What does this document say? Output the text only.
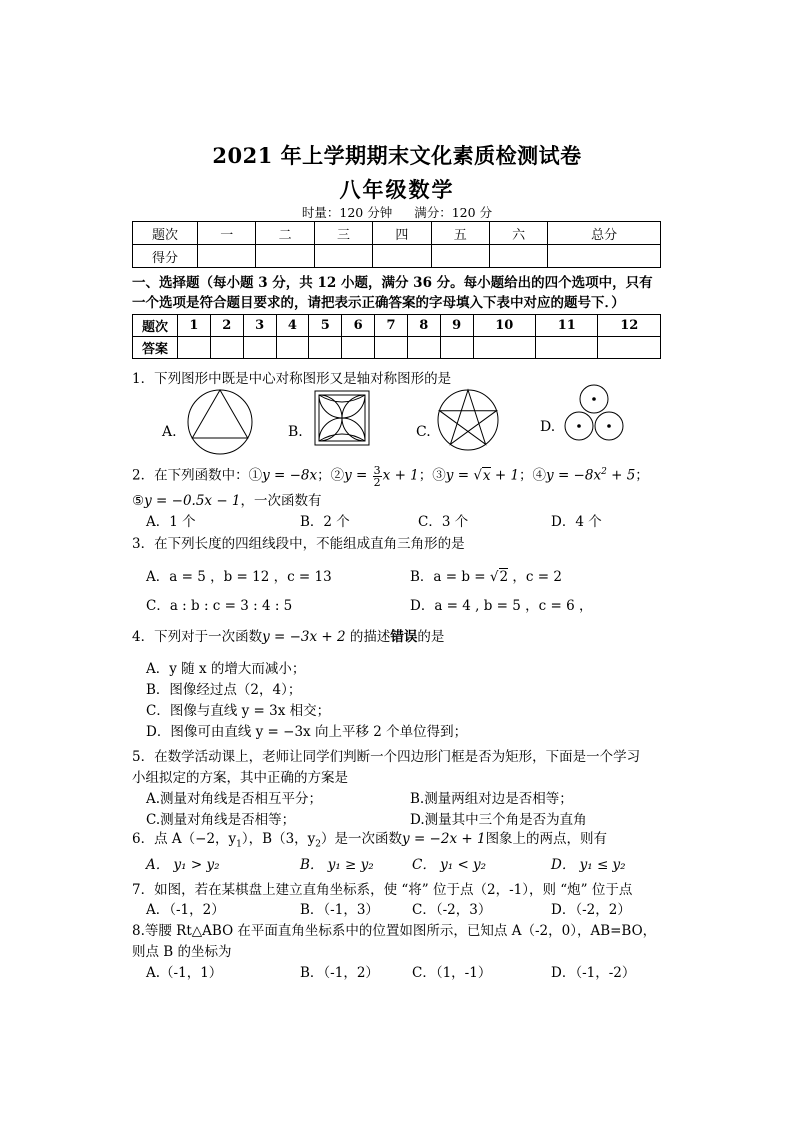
2021 年上学期期末文化素质检测试卷
八年级数学
时量：120 分钟 满分：120 分
题次	一	二	三	四	五	六	总分
得分							
一、选择题（每小题 3 分，共 12 小题，满分 36 分。每小题给出的四个选项中，只有一个选项是符合题目要求的，请把表示正确答案的字母填入下表中对应的题号下．）
题次	1	2	3	4	5	6	7	8	9	10	11	12
答案												
1．下列图形中既是中心对称图形又是轴对称图形的是
A.	B.	C.	D.
2．在下列函数中：①y = −8x；②y = $\frac{3}{2}$ x + 1；③y = √x + 1；④y = $-8x^2 + 5$；
⑤y = −0.5x − 1，一次函数有
A．1 个	B．2 个	C．3 个	D．4 个
3．在下列长度的四组线段中，不能组成直角三角形的是
A．a = 5 ，b = 12 ，c = 13	B．a = b = √2 ，c = 2
C．a : b : c = 3 : 4 : 5	D．a = 4 , b = 5 ，c = 6 ，
4．下列对于一次函数y = −3x + 2 的描述错误的是
A．y 随 x 的增大而减小；
B．图像经过点（2，4）；
C．图像与直线 y = 3x 相交；
D．图像可由直线 y = −3x 向上平移 2 个单位得到；
5．在数学活动课上，老师让同学们判断一个四边形门框是否为矩形，下面是一个学习
小组拟定的方案，其中正确的方案是
A.测量对角线是否相互平分；	B.测量两组对边是否相等；
C.测量对角线是否相等；	D.测量其中三个角是否为直角
6．点 A（−2，$y_1$），B（3，$y_2$）是一次函数y = −2x + 1图象上的两点，则有
A． y₁ > y₂	B． y₁ ≥ y₂	C． y₁ < y₂	D． y₁ ≤ y₂
7．如图，若在某棋盘上建立直角坐标系，使 “将” 位于点（2，-1），则 “炮” 位于点
A．（-1，2）	B．（-1，3） C．（-2，3）	D．（-2，2）
8.等腰 Rt△ABO 在平面直角坐标系中的位置如图所示，已知点 A（-2，0），AB=BO，
则点 B 的坐标为
A.（-1，1）	B．（-1，2） C．（1，-1）	D．（-1，-2）
